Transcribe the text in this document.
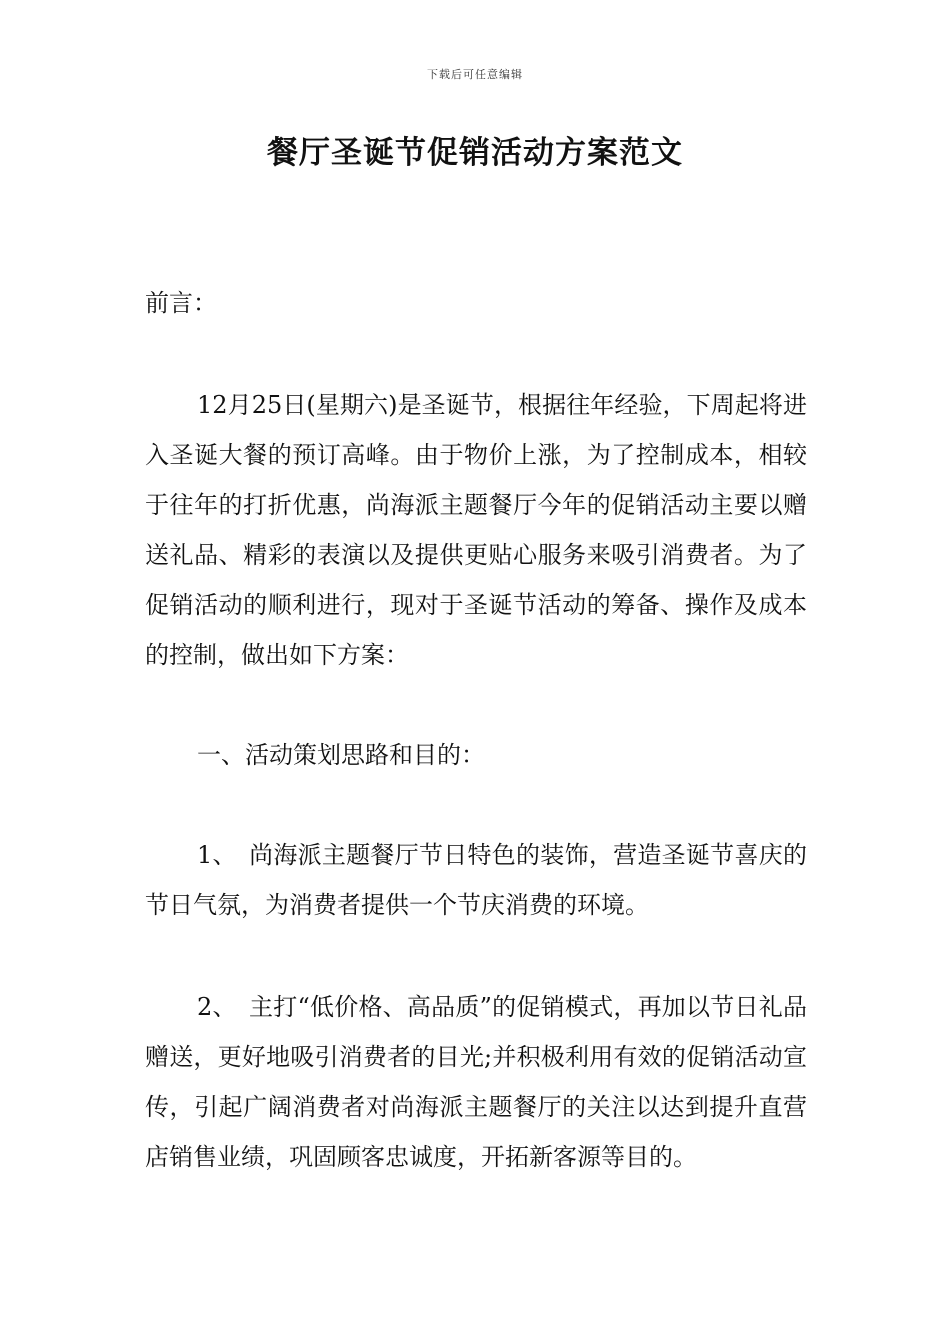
下载后可任意编辑
餐厅圣诞节促销活动方案范文

前言：

12月25日(星期六)是圣诞节，根据往年经验，下周起将进入圣诞大餐的预订高峰。由于物价上涨，为了控制成本，相较于往年的打折优惠，尚海派主题餐厅今年的促销活动主要以赠送礼品、精彩的表演以及提供更贴心服务来吸引消费者。为了促销活动的顺利进行，现对于圣诞节活动的筹备、操作及成本的控制，做出如下方案：

一、活动策划思路和目的：

1、　尚海派主题餐厅节日特色的装饰，营造圣诞节喜庆的节日气氛，为消费者提供一个节庆消费的环境。

2、　主打“低价格、高品质”的促销模式，再加以节日礼品赠送，更好地吸引消费者的目光;并积极利用有效的促销活动宣传，引起广阔消费者对尚海派主题餐厅的关注以达到提升直营店销售业绩，巩固顾客忠诚度，开拓新客源等目的。
